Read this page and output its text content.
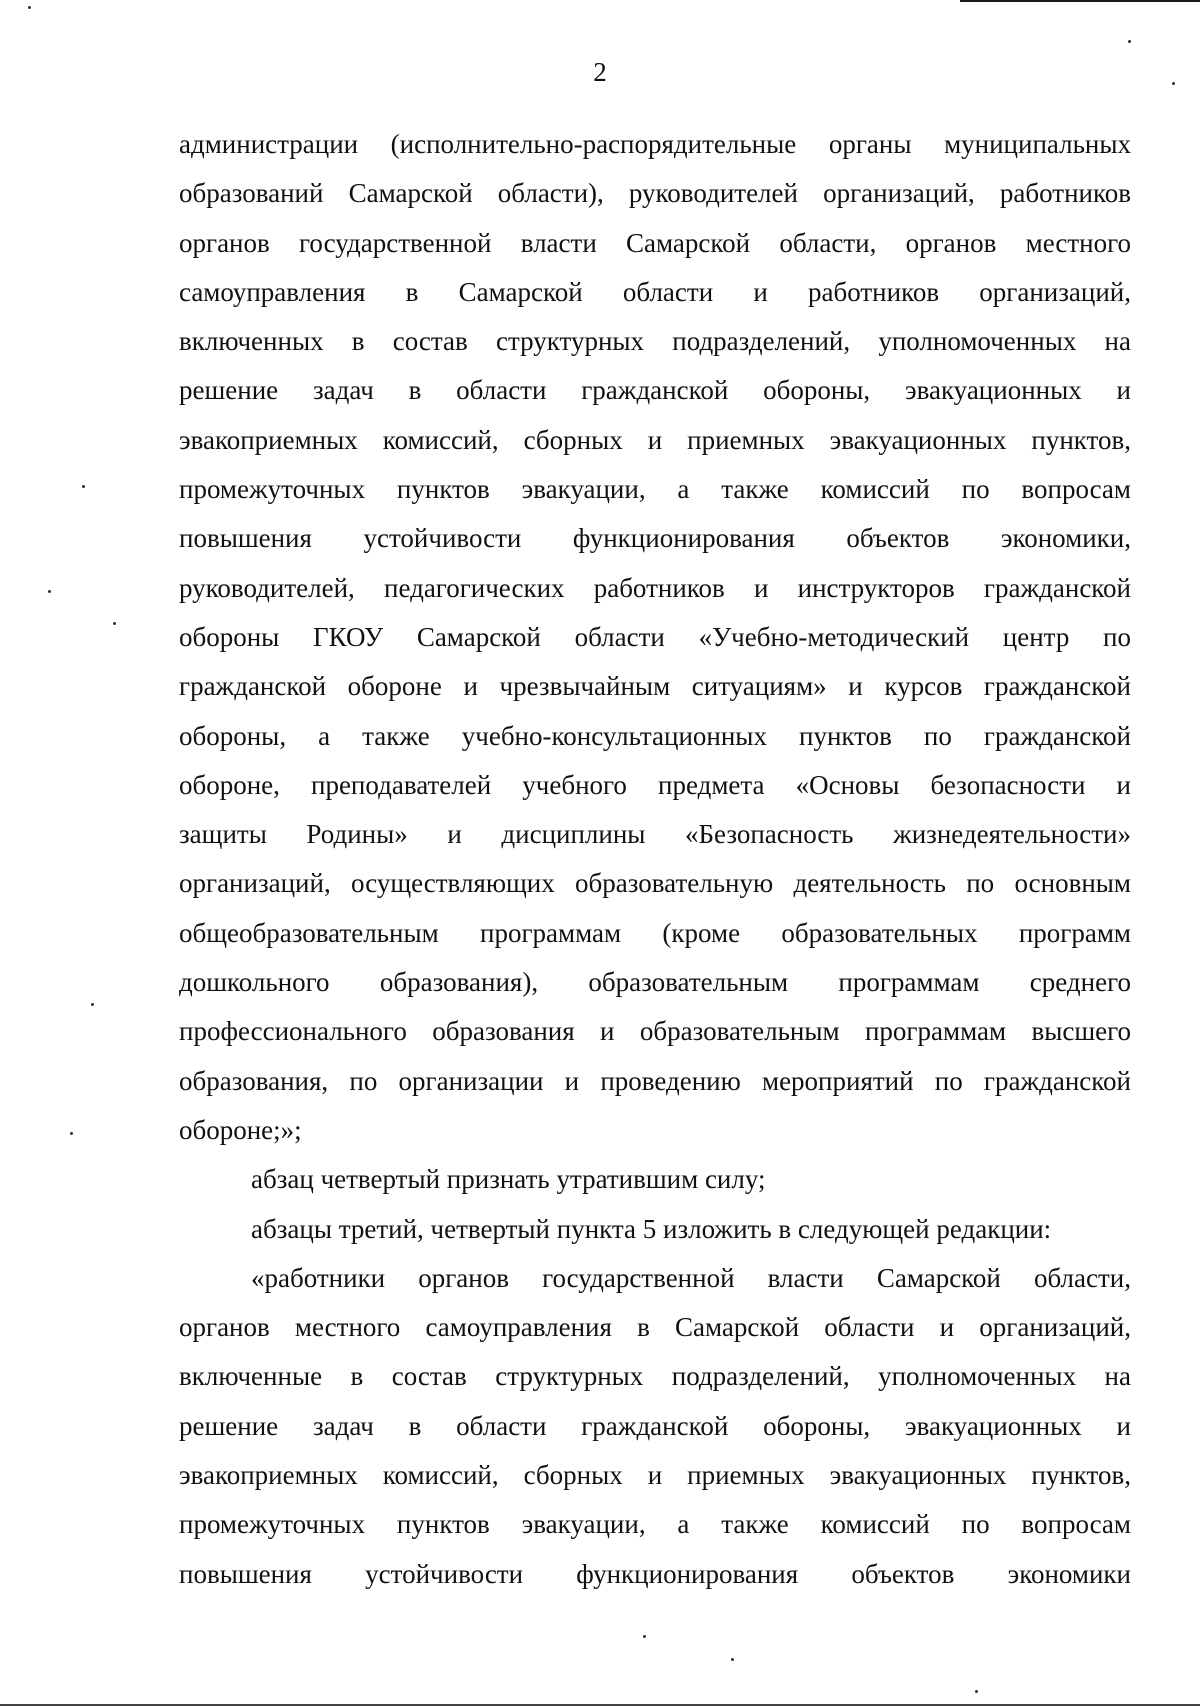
2
администрации (исполнительно-распорядительные органы муниципальных
образований Самарской области), руководителей организаций, работников
органов государственной власти Самарской области, органов местного
самоуправления в Самарской области и работников организаций,
включенных в состав структурных подразделений, уполномоченных на
решение задач в области гражданской обороны, эвакуационных и
эвакоприемных комиссий, сборных и приемных эвакуационных пунктов,
промежуточных пунктов эвакуации, а также комиссий по вопросам
повышения устойчивости функционирования объектов экономики,
руководителей, педагогических работников и инструкторов гражданской
обороны ГКОУ Самарской области «Учебно-методический центр по
гражданской обороне и чрезвычайным ситуациям» и курсов гражданской
обороны, а также учебно-консультационных пунктов по гражданской
обороне, преподавателей учебного предмета «Основы безопасности и
защиты Родины» и дисциплины «Безопасность жизнедеятельности»
организаций, осуществляющих образовательную деятельность по основным
общеобразовательным программам (кроме образовательных программ
дошкольного образования), образовательным программам среднего
профессионального образования и образовательным программам высшего
образования, по организации и проведению мероприятий по гражданской
обороне;»;
абзац четвертый признать утратившим силу;
абзацы третий, четвертый пункта 5 изложить в следующей редакции:
«работники органов государственной власти Самарской области,
органов местного самоуправления в Самарской области и организаций,
включенные в состав структурных подразделений, уполномоченных на
решение задач в области гражданской обороны, эвакуационных и
эвакоприемных комиссий, сборных и приемных эвакуационных пунктов,
промежуточных пунктов эвакуации, а также комиссий по вопросам
повышения устойчивости функционирования объектов экономики
